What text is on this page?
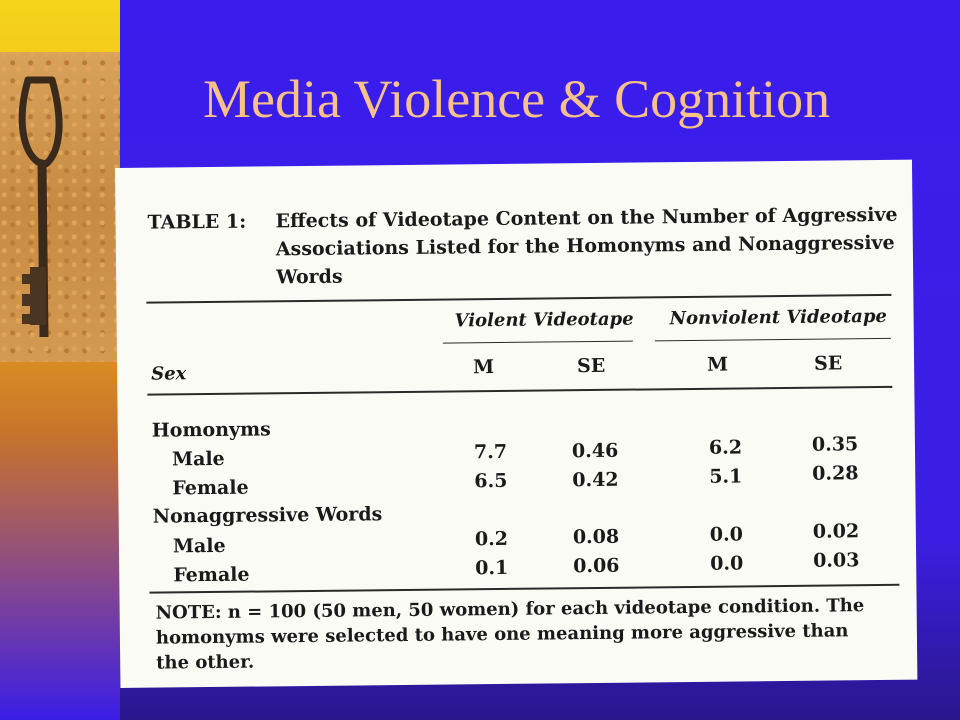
Media Violence & Cognition
TABLE 1: Effects of Videotape Content on the Number of Aggressive
Associations Listed for the Homonyms and Nonaggressive
Words
Violent Videotape Nonviolent Videotape
Sex	M	SE	M	SE
Homonyms
Male	7.7	0.46	6.2	0.35
Female	6.5	0.42	5.1	0.28
Nonaggressive Words
Male	0.2	0.08	0.0	0.02
Female	0.1	0.06	0.0	0.03
NOTE: n = 100 (50 men, 50 women) for each videotape condition. The
homonyms were selected to have one meaning more aggressive than
the other.
